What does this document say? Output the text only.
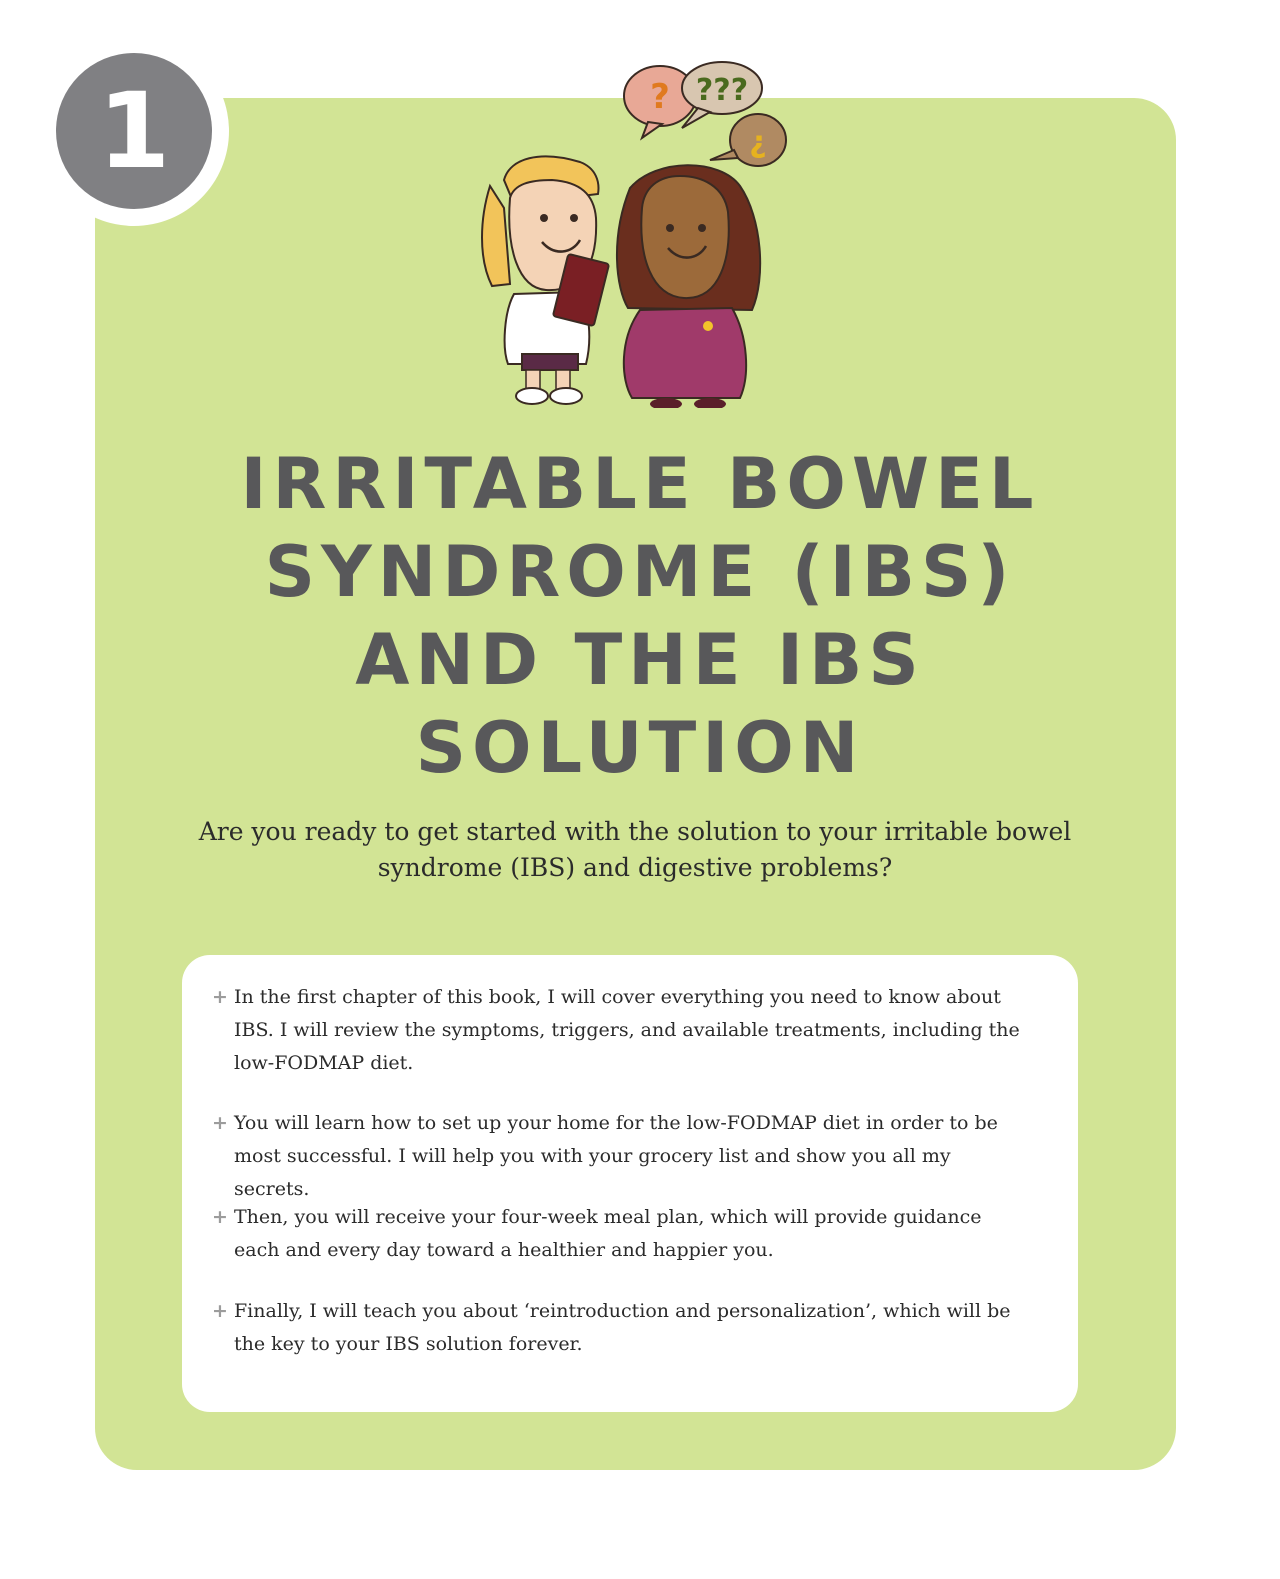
1	? ???
¿
IRRITABLE BOWEL
SYNDROME (IBS)
AND THE IBS
SOLUTION

Are you ready to get started with the solution to your irritable bowel
syndrome (IBS) and digestive problems?

+ In the first chapter of this book, I will cover everything you need to know about
IBS. I will review the symptoms, triggers, and available treatments, including the
low-FODMAP diet.
+ You will learn how to set up your home for the low-FODMAP diet in order to be
most successful. I will help you with your grocery list and show you all my secrets.
+ Then, you will receive your four-week meal plan, which will provide guidance
each and every day toward a healthier and happier you.
+ Finally, I will teach you about ‘reintroduction and personalization’, which will be
the key to your IBS solution forever.
